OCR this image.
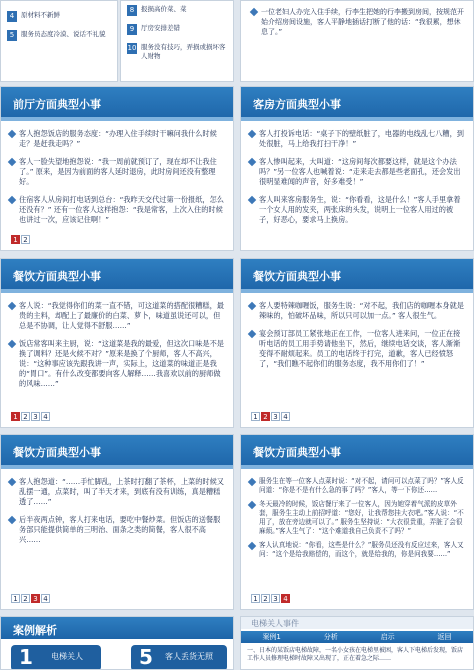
4	原材料不新鲜
5	服务员态度冷漠、说话不礼貌
8	报损高价菜、菜
9	厅房安排差错
10 服务没有技巧，弄损或损坏客人财物
一位老妇人办完入住手续，行李生把她的行李搬到房间，按规范开始介绍房间设施，客人平静地插话打断了他的话：“我很累，想休息了。”
前厅方面典型小事
客人抱怨饭店的服务态度：“办理入住手续时干嘛问我什么时候走？是赶我走吗？”
客人一脸失望地抱怨说：“我一周前就预订了，现在却不让我住了。” 原来，是因为前面的客人延时退房，此时房间还没有整理好。
住宿客人从房间打电话到总台：“我昨天交代过第一份报纸，怎么还没有？” 还有一位客人这样抱怨：“我是常客，上次入住的时候也讲过一次，应该记住啊！”
1 2
客房方面典型小事
客人打投诉电话：“桌子下的壁纸脏了，电器的电线乱七八糟，到处很脏，马上给我打扫干净！”
客人惨叫起来，大叫道：“这房间每次都要这样，就是这个办法吗？”另一位客人也喊着说：“走来走去都是些老面孔，还会发出很明显难闻的声音，好多难受！”
客人叫来客房服务生，说：“你看看，这是什么！”客人手里拿着一个女人用的发夹，两张床的头发，说明上一位客人用过的被子，好恶心，要求马上换房。
餐饮方面典型小事
客人说：“我觉得你们的菜一直不错，可这道菜的搭配很糟糕，最贵的主料，却配上了最廉价的白菜、萝卜，味道虽说还可以，但总是不协调，让人觉得不舒服……”
饭店常客叫来主厨，说：“这道菜是我的最爱，但这次口味是不是换了调料？还是火候不对？”原来是换了个厨师，客人不高兴，说：“这种事应该先跟我讲一声，实际上，这道菜的味道正是我的“胃口”。有什么改变都要向客人解释……我喜欢以前的厨师做的风味……”
1 2 3 4
餐饮方面典型小事
客人要特辣咖喱饭，服务生说：“对不起，我们店的咖喱本身就是辣味的，怕破坏品味，所以只可以加一点。” 客人很生气。
宴会预订部员工紧张地正在工作，一位客人进来问，一位正在接听电话的员工用手势请他坐下，然后，继续电话交谈，客人渐渐变得不耐烦起来。员工的电话终于打完，道歉，客人已经愤怒了，“我们瞧不起你们的服务态度，我不用你们了！”
1 2 3 4
餐饮方面典型小事
客人抱怨道：“……手忙脚乱，上茶时打翻了茶杯，上菜的时候又乱摆一通，点菜时，叫了半天才来，到底有没有训练，真是糟糕透了……”
后半夜两点钟，客人打来电话，要吃中餐炒菜。但饭店的送餐服务部只能提供简单的三明治、面条之类的简餐，客人很不高兴……
1 2 3 4
餐饮方面典型小事
服务生在等一位客人点菜时说：“对不起，请问可以点菜了吗？”客人反问道：“你是不是有什么急的事了吗？”客人，等一下你还……
冬天最冷的时候，饭店餐厅来了一位客人，因为她穿着气派的皮草外套，服务生主动上前招呼道：“您好，让我帮您挂大衣吧。”客人说：“不用了，放在旁边就可以了。” 服务生坚持说：“大衣很贵重，弄脏了会很麻烦。”客人生气了：“这个难道我自己负责不了吗？”
客人认真地说：“你看，这些是什么？”服务员还没有反应过来，客人又问：“这个是给我赔偿的，而这个，就是给我的，你是问我要……”
1 2 3 4
案例解析
1 电梯关人	5 客人丢货无照
电梯关人事件
案例1	分析	启示	返回
一、日本的某饭店电梯故障，一名小女孩在电梯里被困，客人下电梯后发现，饭店工作人员修理电梯时故障又出现了，正在着急之际……
